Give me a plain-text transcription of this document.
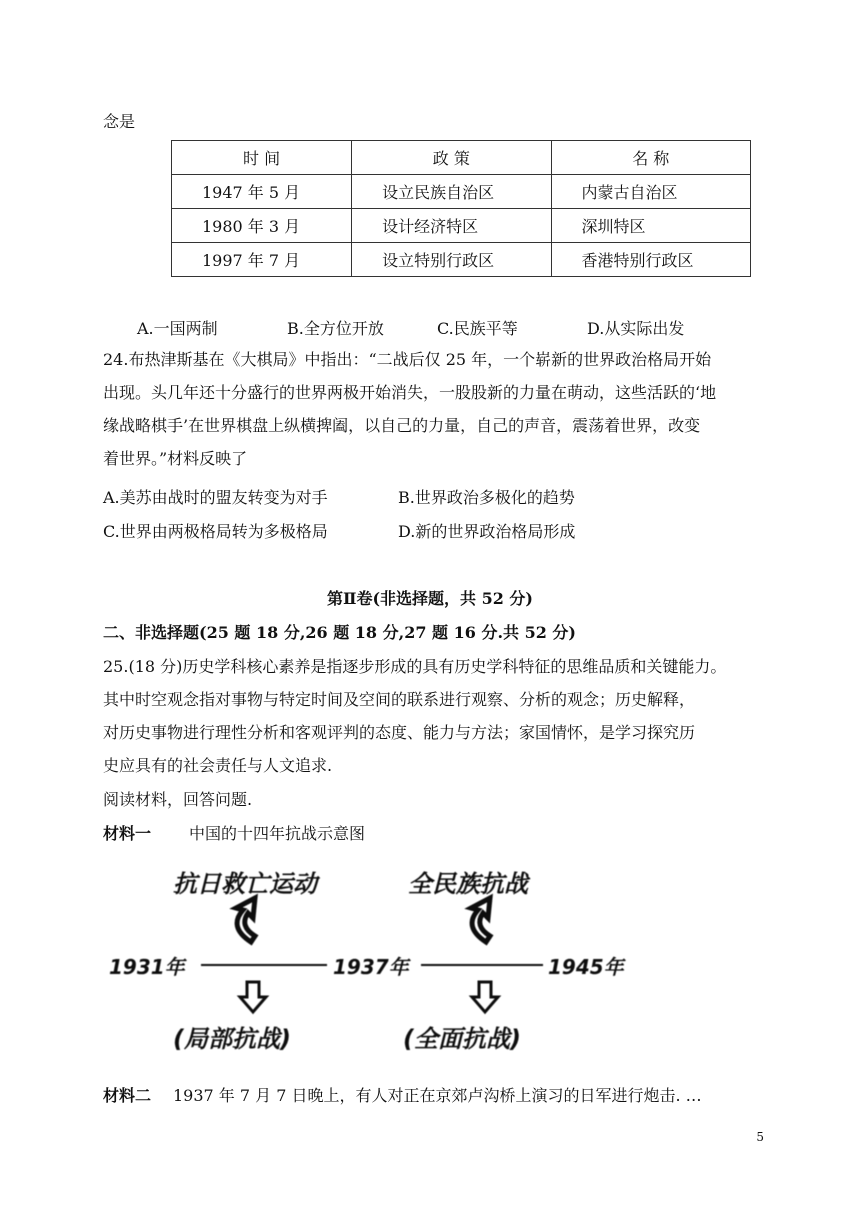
念是
时 间	政 策	名 称
1947 年 5 月	设立民族自治区	内蒙古自治区
1980 年 3 月	设计经济特区	深圳特区
1997 年 7 月	设立特别行政区	香港特别行政区
A.一国两制	B.全方位开放	C.民族平等	D.从实际出发
24.布热津斯基在《大棋局》中指出：“二战后仅 25 年，一个崭新的世界政治格局开始
出现。头几年还十分盛行的世界两极开始消失，一股股新的力量在萌动，这些活跃的‘地
缘战略棋手’在世界棋盘上纵横捭阖，以自己的力量，自己的声音，震荡着世界，改变
着世界。”材料反映了
A.美苏由战时的盟友转变为对手	B.世界政治多极化的趋势
C.世界由两极格局转为多极格局	D.新的世界政治格局形成
第Ⅱ卷(非选择题，共 52 分)
二、非选择题(25 题 18 分,26 题 18 分,27 题 16 分.共 52 分)
25.(18 分)历史学科核心素养是指逐步形成的具有历史学科特征的思维品质和关键能力。
其中时空观念指对事物与特定时间及空间的联系进行观察、分析的观念；历史解释，
对历史事物进行理性分析和客观评判的态度、能力与方法；家国情怀，是学习探究历
史应具有的社会责任与人文追求.
阅读材料，回答问题.
材料一 中国的十四年抗战示意图
抗日救亡运动	全民族抗战
1931年	1937年	1945年
(局部抗战)	(全面抗战)
材料二 1937 年 7 月 7 日晚上，有人对正在京郊卢沟桥上演习的日军进行炮击. …
5
